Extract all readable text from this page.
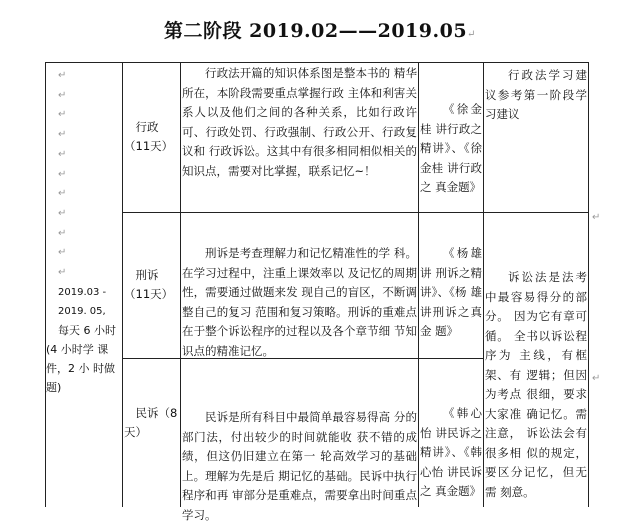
第二阶段 2019.02——2019.05↵
↵
↵
↵
↵
↵
↵
↵
↵
↵
↵
↵
2019.03 -
2019. 05,
每天 6 小时
(4 小时学 课件，2 小 时做题)
行政（11天）
行政法开篇的知识体系图是整本书的 精华所在，本阶段需要重点掌握行政 主体和利害关系人以及他们之间的各种关系，比如行政许可、行政处罚、行政强制、行政公开、行政复议和 行政诉讼。这其中有很多相同相似相关的知识点，需要对比掌握，联系记忆~！
《徐金桂 讲行政之 精讲》、《徐金桂 讲行政之 真金题》
刑诉（11天）
刑诉是考查理解力和记忆精准性的学 科。在学习过程中，注重上课效率以 及记忆的周期性，需要通过做题来发 现自己的盲区，不断调整自己的复习 范围和复习策略。刑诉的重难点在于整个诉讼程序的过程以及各个章节细 节知识点的精准记忆。
《杨雄讲 刑诉之精 讲》、《杨 雄讲刑诉之真金 题》
民诉（8天）
民诉是所有科目中最简单最容易得高 分的部门法，付出较少的时间就能收 获不错的成绩，但这仍旧建立在第一 轮高效学习的基础上。理解为先是后 期记忆的基础。民诉中执行程序和再 审部分是重难点，需要拿出时间重点 学习。
《韩心怡 讲民诉之 精讲》、《韩心怡 讲民诉之 真金题》
行政法学习建 议参考第一阶段学习建议
诉讼法是法考 中最容易得分的部分。 因为它有章可循。 全书以诉讼程序为 主线，有框架、有 逻辑；但因为考点 很细，要求大家准 确记忆。需注意， 诉讼法会有很多相 似的规定，要区分记忆，但无需 刻意。
↵
↵
